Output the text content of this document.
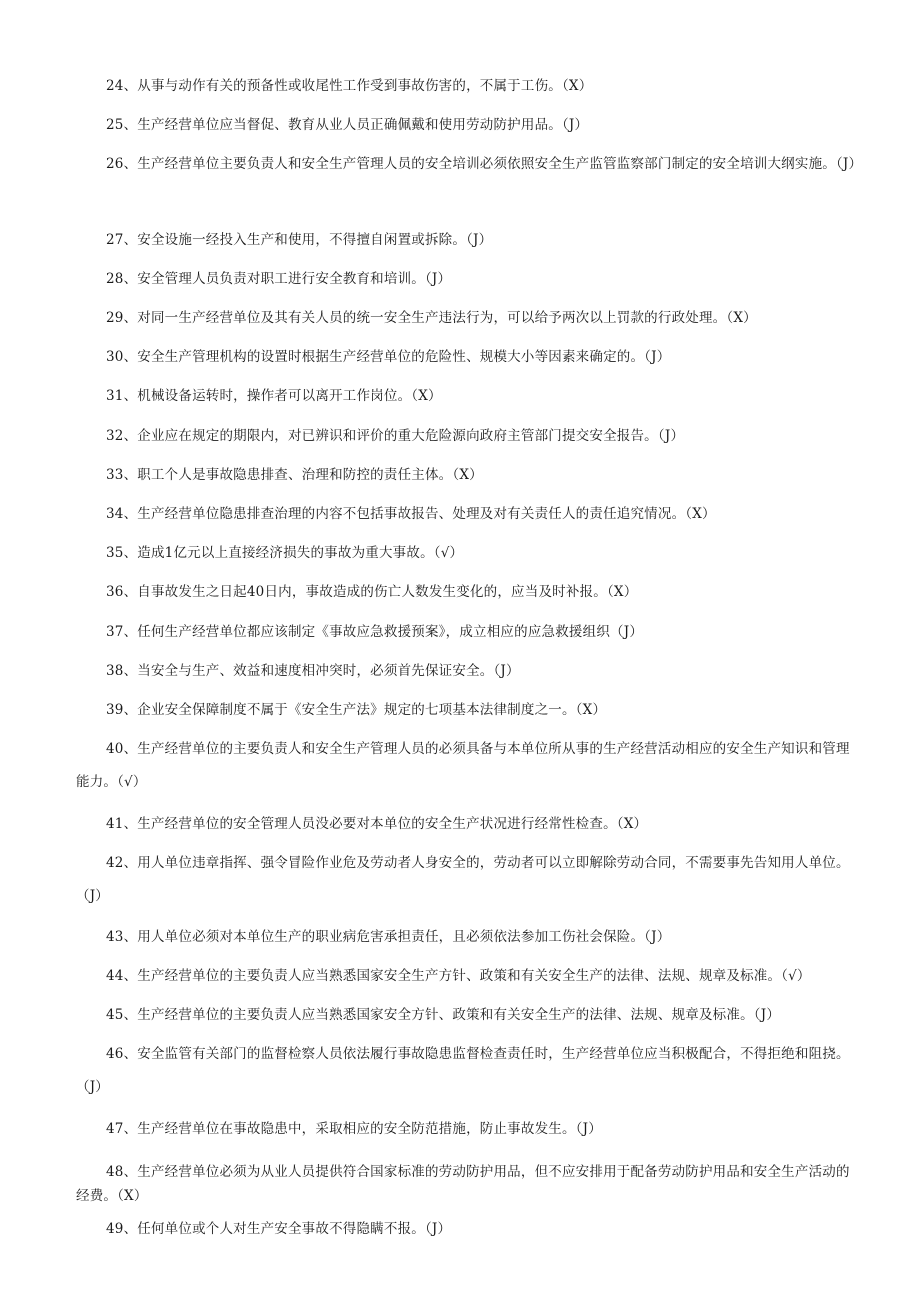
24、从事与动作有关的预备性或收尾性工作受到事故伤害的，不属于工伤。（X）

25、生产经营单位应当督促、教育从业人员正确佩戴和使用劳动防护用品。（J）

26、生产经营单位主要负责人和安全生产管理人员的安全培训必须依照安全生产监管监察部门制定的安全培训大纲实施。（J）

27、安全设施一经投入生产和使用，不得擅自闲置或拆除。（J）

28、安全管理人员负责对职工进行安全教育和培训。（J）

29、对同一生产经营单位及其有关人员的统一安全生产违法行为，可以给予两次以上罚款的行政处理。（X）

30、安全生产管理机构的设置时根据生产经营单位的危险性、规模大小等因素来确定的。（J）

31、机械设备运转时，操作者可以离开工作岗位。（X）

32、企业应在规定的期限内，对已辨识和评价的重大危险源向政府主管部门提交安全报告。（J）

33、职工个人是事故隐患排查、治理和防控的责任主体。（X）

34、生产经营单位隐患排查治理的内容不包括事故报告、处理及对有关责任人的责任追究情况。（X）

35、造成1亿元以上直接经济损失的事故为重大事故。（√）

36、自事故发生之日起40日内，事故造成的伤亡人数发生变化的，应当及时补报。（X）

37、任何生产经营单位都应该制定《事故应急救援预案》，成立相应的应急救援组织（J）

38、当安全与生产、效益和速度相冲突时，必须首先保证安全。（J）

39、企业安全保障制度不属于《安全生产法》规定的七项基本法律制度之一。（X）

40、生产经营单位的主要负责人和安全生产管理人员的必须具备与本单位所从事的生产经营活动相应的安全生产知识和管理能力。（√）

41、生产经营单位的安全管理人员没必要对本单位的安全生产状况进行经常性检查。（X）

42、用人单位违章指挥、强令冒险作业危及劳动者人身安全的，劳动者可以立即解除劳动合同，不需要事先告知用人单位。（J）

43、用人单位必须对本单位生产的职业病危害承担责任，且必须依法参加工伤社会保险。（J）

44、生产经营单位的主要负责人应当熟悉国家安全生产方针、政策和有关安全生产的法律、法规、规章及标准。（√）

45、生产经营单位的主要负责人应当熟悉国家安全方针、政策和有关安全生产的法律、法规、规章及标准。（J）

46、安全监管有关部门的监督检察人员依法履行事故隐患监督检查责任时，生产经营单位应当积极配合，不得拒绝和阻挠。（J）

47、生产经营单位在事故隐患中，采取相应的安全防范措施，防止事故发生。（J）

48、生产经营单位必须为从业人员提供符合国家标准的劳动防护用品，但不应安排用于配备劳动防护用品和安全生产活动的经费。（X）

49、任何单位或个人对生产安全事故不得隐瞒不报。（J）
